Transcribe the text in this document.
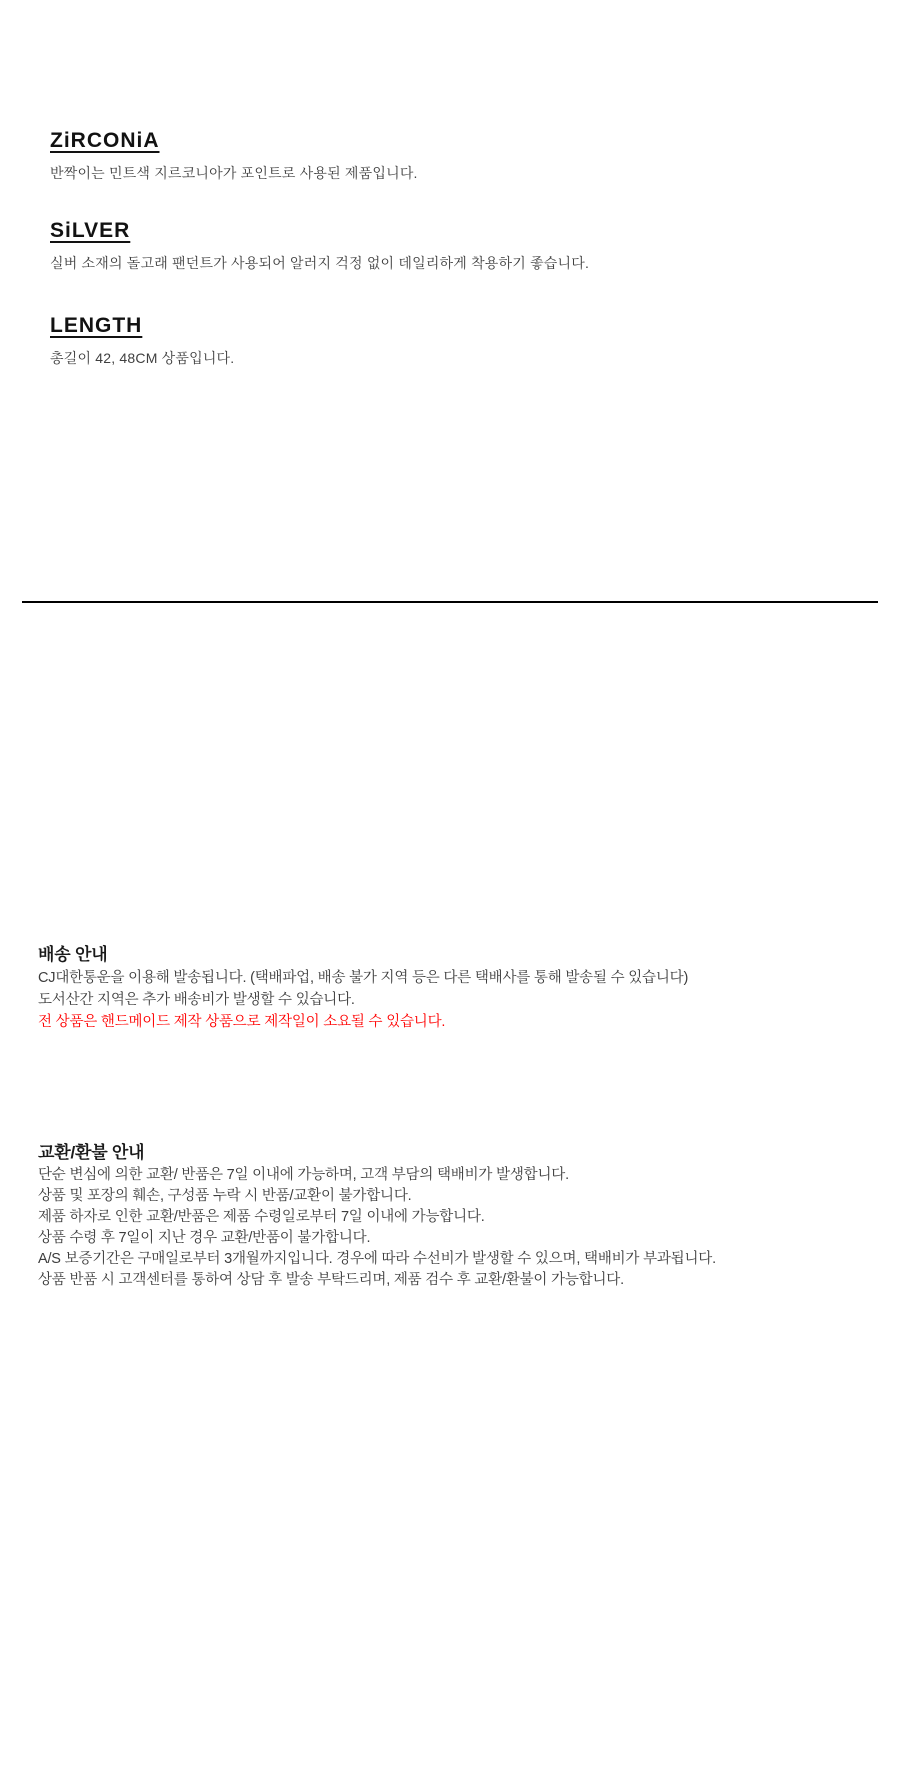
ZiRCONiA

반짝이는 민트색 지르코니아가 포인트로 사용된 제품입니다.

SiLVER

실버 소재의 돌고래 팬던트가 사용되어 알러지 걱정 없이 데일리하게 착용하기 좋습니다.

LENGTH

총길이 42, 48CM 상품입니다.

배송 안내
CJ대한통운을 이용해 발송됩니다. (택배파업, 배송 불가 지역 등은 다른 택배사를 통해 발송될 수 있습니다)
도서산간 지역은 추가 배송비가 발생할 수 있습니다.
전 상품은 핸드메이드 제작 상품으로 제작일이 소요될 수 있습니다.
교환/환불 안내
단순 변심에 의한 교환/ 반품은 7일 이내에 가능하며, 고객 부담의 택배비가 발생합니다.
상품 및 포장의 훼손, 구성품 누락 시 반품/교환이 불가합니다.
제품 하자로 인한 교환/반품은 제품 수령일로부터 7일 이내에 가능합니다.
상품 수령 후 7일이 지난 경우 교환/반품이 불가합니다.
A/S 보증기간은 구매일로부터 3개월까지입니다. 경우에 따라 수선비가 발생할 수 있으며, 택배비가 부과됩니다.
상품 반품 시 고객센터를 통하여 상담 후 발송 부탁드리며, 제품 검수 후 교환/환불이 가능합니다.
